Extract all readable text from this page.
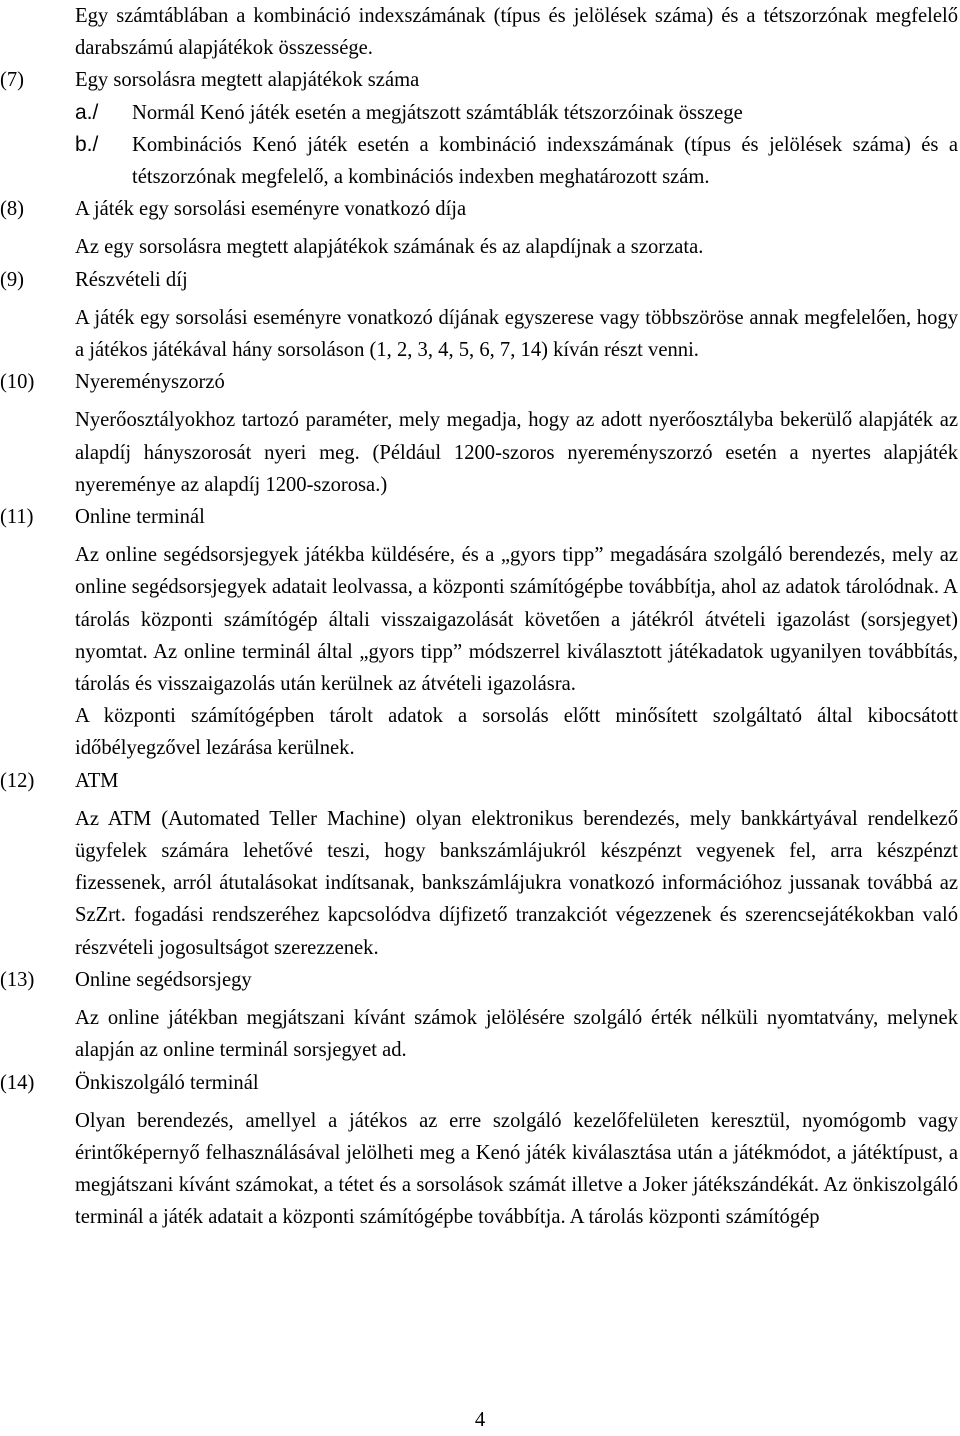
Egy számtáblában a kombináció indexszámának (típus és jelölések száma) és a tétszorzónak megfelelő darabszámú alapjátékok összessége.
(7)	Egy sorsolásra megtett alapjátékok száma
a./	Normál Kenó játék esetén a megjátszott számtáblák tétszorzóinak összege
b./	Kombinációs Kenó játék esetén a kombináció indexszámának (típus és jelölések száma) és a tétszorzónak megfelelő, a kombinációs indexben meghatározott szám.
(8)	A játék egy sorsolási eseményre vonatkozó díja
Az egy sorsolásra megtett alapjátékok számának és az alapdíjnak a szorzata.
(9)	Részvételi díj
A játék egy sorsolási eseményre vonatkozó díjának egyszerese vagy többszöröse annak megfelelően, hogy a játékos játékával hány sorsoláson (1, 2, 3, 4, 5, 6, 7, 14) kíván részt venni.
(10)	Nyereményszorzó
Nyerőosztályokhoz tartozó paraméter, mely megadja, hogy az adott nyerőosztályba bekerülő alapjáték az alapdíj hányszorosát nyeri meg. (Például 1200-szoros nyereményszorzó esetén a nyertes alapjáték nyereménye az alapdíj 1200-szorosa.)
(11)	Online terminál
Az online segédsorsjegyek játékba küldésére, és a „gyors tipp” megadására szolgáló berendezés, mely az online segédsorsjegyek adatait leolvassa, a központi számítógépbe továbbítja, ahol az adatok tárolódnak. A tárolás központi számítógép általi visszaigazolását követően a játékról átvételi igazolást (sorsjegyet) nyomtat. Az online terminál által „gyors tipp” módszerrel kiválasztott játékadatok ugyanilyen továbbítás, tárolás és visszaigazolás után kerülnek az átvételi igazolásra.
A központi számítógépben tárolt adatok a sorsolás előtt minősített szolgáltató által kibocsátott időbélyegzővel lezárása kerülnek.
(12)	ATM
Az ATM (Automated Teller Machine) olyan elektronikus berendezés, mely bankkártyával rendelkező ügyfelek számára lehetővé teszi, hogy bankszámlájukról készpénzt vegyenek fel, arra készpénzt fizessenek, arról átutalásokat indítsanak, bankszámlájukra vonatkozó információhoz jussanak továbbá az SzZrt. fogadási rendszeréhez kapcsolódva díjfizető tranzakciót végezzenek és szerencsejátékokban való részvételi jogosultságot szerezzenek.
(13)	Online segédsorsjegy
Az online játékban megjátszani kívánt számok jelölésére szolgáló érték nélküli nyomtatvány, melynek alapján az online terminál sorsjegyet ad.
(14)	Önkiszolgáló terminál
Olyan berendezés, amellyel a játékos az erre szolgáló kezelőfelületen keresztül, nyomógomb vagy érintőképernyő felhasználásával jelölheti meg a Kenó játék kiválasztása után a játékmódot, a játéktípust, a megjátszani kívánt számokat, a tétet és a sorsolások számát illetve a Joker játékszándékát. Az önkiszolgáló terminál a játék adatait a központi számítógépbe továbbítja. A tárolás központi számítógép
4
